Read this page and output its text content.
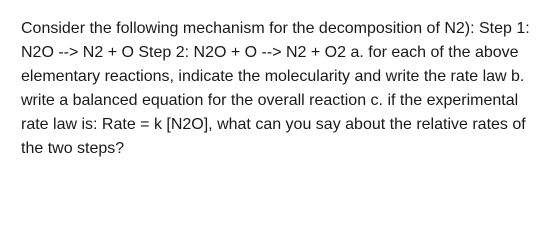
Consider the following mechanism for the decomposition of N2): Step 1: N2O --> N2 + O Step 2: N2O + O --> N2 + O2 a. for each of the above elementary reactions, indicate the molecularity and write the rate law b. write a balanced equation for the overall reaction c. if the experimental rate law is: Rate = k [N2O], what can you say about the relative rates of the two steps?
